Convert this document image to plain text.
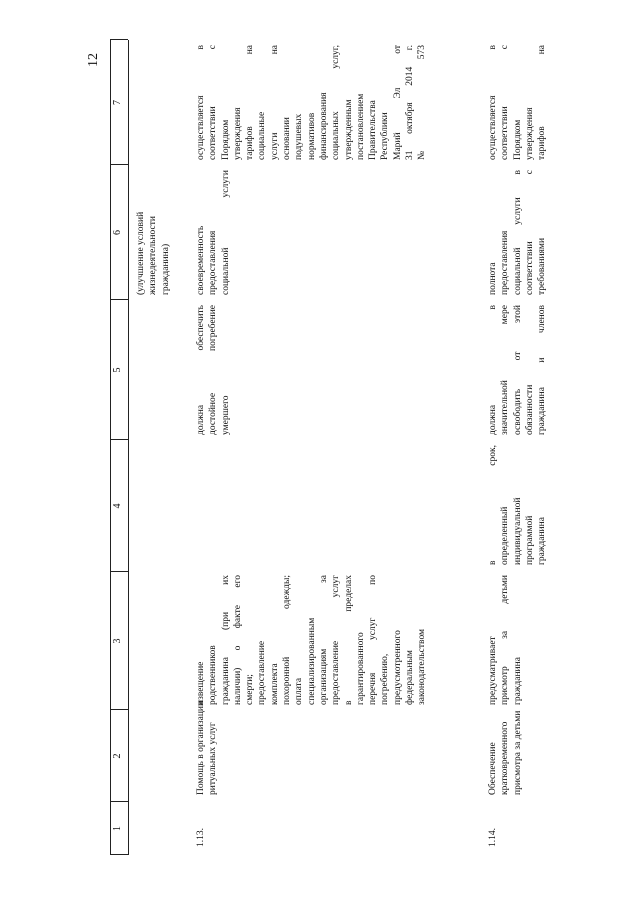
12
1
2
3
4
5
6
7
1.13.
Помощь в организации ритуальных услуг
извещение родственников гражданина (при их наличии) о факте его смерти; предоставление комплекта похоронной одежды; оплата специализированным организациям за предоставление услуг в пределах гарантированного перечня услуг по погребению, предусмотренного федеральным законодательством
должна обеспечить достойное погребение умершего
(улучшение условий жизнедеятельности гражданина)	своевременность предоставления социальной услуги
осуществляется в соответствии с Порядком утверждения тарифов на социальные услуги на основании подушевых нормативов финансирования социальных услуг, утвержденным постановлением Правительства Республики Марий Эл от 31 октября 2014 г. № 573
1.14.
Обеспечение кратковременного присмотра за детьми
предусматривает присмотр за детьми гражданина
в срок, определенный индивидуальной программой гражданина
должна в значительной мере освободить от этой обязанности гражданина и членов
полнота предоставления социальной услуги в соответствии с требованиями
осуществляется в соответствии с Порядком утверждения тарифов на
